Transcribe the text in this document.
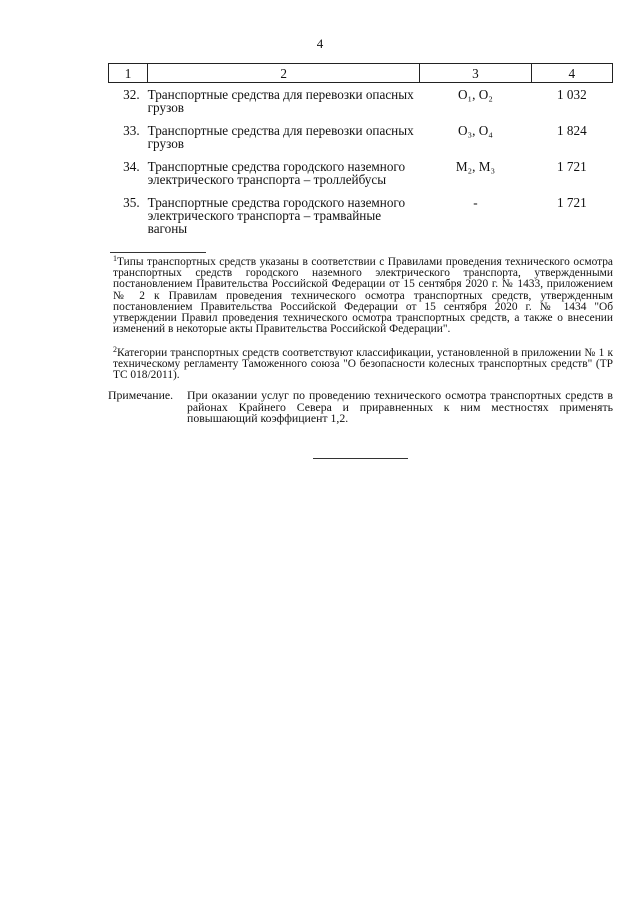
4
1	2	3	4
32.	Транспортные средства для перевозки опасных грузов	O₁, O₂	1 032
33.	Транспортные средства для перевозки опасных грузов	O₃, O₄	1 824
34.	Транспортные средства городского наземного электрического транспорта – троллейбусы	M₂, M₃	1 721
35.	Транспортные средства городского наземного электрического транспорта – трамвайные вагоны	-	1 721
$^1$Типы транспортных средств указаны в соответствии с Правилами проведения технического осмотра транспортных средств городского наземного электрического транспорта, утвержденными постановлением Правительства Российской Федерации от 15 сентября 2020 г. № 1433, приложением № 2 к Правилам проведения технического осмотра транспортных средств, утвержденным постановлением Правительства Российской Федерации от 15 сентября 2020 г. № 1434 "Об утверждении Правил проведения технического осмотра транспортных средств, а также о внесении изменений в некоторые акты Правительства Российской Федерации".
$^2$Категории транспортных средств соответствуют классификации, установленной в приложении № 1 к техническому регламенту Таможенного союза "О безопасности колесных транспортных средств" (ТР ТС 018/2011).
Примечание. При оказании услуг по проведению технического осмотра транспортных средств в районах Крайнего Севера и приравненных к ним местностях применять повышающий коэффициент 1,2.
